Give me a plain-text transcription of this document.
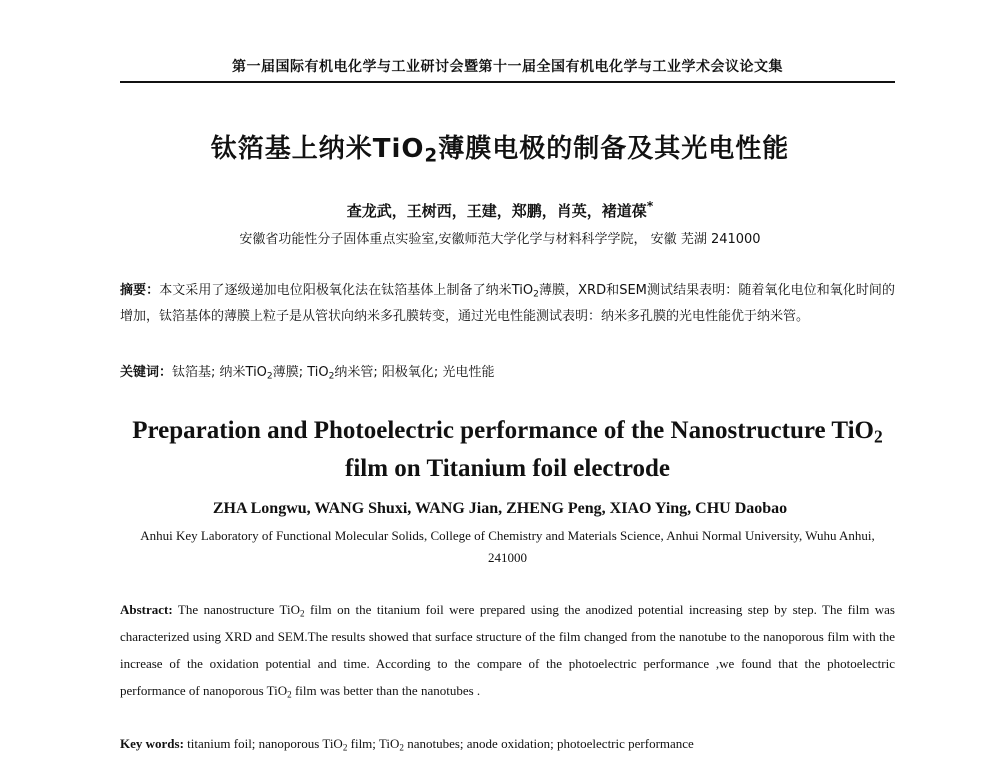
第一届国际有机电化学与工业研讨会暨第十一届全国有机电化学与工业学术会议论文集
钛箔基上纳米TiO$_2$薄膜电极的制备及其光电性能
查龙武，王树西，王建，郑鹏，肖英，褚道葆*
安徽省功能性分子固体重点实验室,安徽师范大学化学与材料科学学院， 安徽 芜湖 241000
摘要：本文采用了逐级递加电位阳极氧化法在钛箔基体上制备了纳米TiO$_2$薄膜，XRD和SEM测试结果表明：随着氧化电位和氧化时间的增加，钛箔基体的薄膜上粒子是从管状向纳米多孔膜转变，通过光电性能测试表明：纳米多孔膜的光电性能优于纳米管。
关键词：钛箔基; 纳米TiO$_2$薄膜; TiO$_2$纳米管; 阳极氧化; 光电性能
Preparation and Photoelectric performance of the Nanostructure TiO$_2$ film on Titanium foil electrode
ZHA Longwu, WANG Shuxi, WANG Jian, ZHENG Peng, XIAO Ying, CHU Daobao
Anhui Key Laboratory of Functional Molecular Solids, College of Chemistry and Materials Science, Anhui Normal University, Wuhu Anhui, 241000
Abstract: The nanostructure TiO$_2$ film on the titanium foil were prepared using the anodized potential increasing step by step. The film was characterized using XRD and SEM.The results showed that surface structure of the film changed from the nanotube to the nanoporous film with the increase of the oxidation potential and time. According to the compare of the photoelectric performance ,we found that the photoelectric performance of nanoporous TiO$_2$ film was better than the nanotubes .
Key words: titanium foil; nanoporous TiO$_2$ film; TiO$_2$ nanotubes; anode oxidation; photoelectric performance
